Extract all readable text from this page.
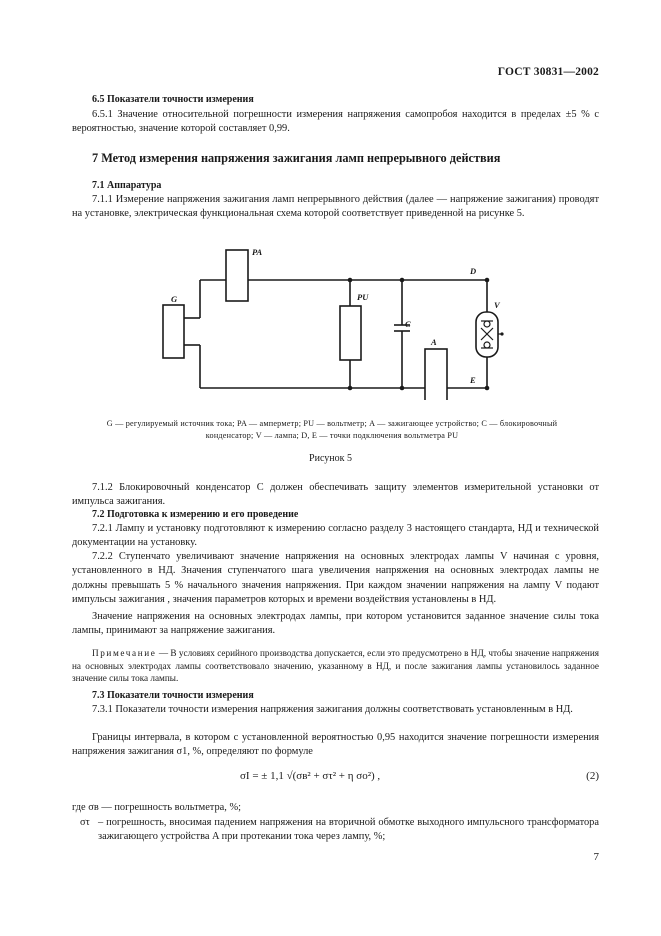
ГОСТ 30831—2002
6.5 Показатели точности измерения
6.5.1 Значение относительной погрешности измерения напряжения самопробоя находится в пределах ±5 % с вероятностью, значение которой составляет 0,99.
7 Метод измерения напряжения зажигания ламп непрерывного действия
7.1 Аппаратура
7.1.1 Измерение напряжения зажигания ламп непрерывного действия (далее — напряжение зажигания) проводят на установке, электрическая функциональная схема которой соответствует приведенной на рисунке 5.
G
PA
PU
C
A
D
E
V
G — регулируемый источник тока; PA — амперметр; PU — вольтметр; A — зажигающее устройство; C — блокировочный
конденсатор; V — лампа; D, E — точки подключения вольтметра PU
Рисунок 5
7.1.2 Блокировочный конденсатор C должен обеспечивать защиту элементов измерительной установки от импульса зажигания.
7.2 Подготовка к измерению и его проведение
7.2.1 Лампу и установку подготовляют к измерению согласно разделу 3 настоящего стандарта, НД и технической документации на установку.
7.2.2 Ступенчато увеличивают значение напряжения на основных электродах лампы V начиная с уровня, установленного в НД. Значения ступенчатого шага увеличения напряжения на основных электродах лампы не должны превышать 5 % начального значения напряжения. При каждом значении напряжения на лампу V подают импульсы зажигания , значения параметров которых и времени воздействия установлены в НД.
Значение напряжения на основных электродах лампы, при котором установится заданное значение силы тока лампы, принимают за напряжение зажигания.
Примечание — В условиях серийного производства допускается, если это предусмотрено в НД, чтобы значение напряжения на основных электродах лампы соответствовало значению, указанному в НД, и после зажигания лампы установилось заданное значение силы тока лампы.
7.3 Показатели точности измерения
7.3.1 Показатели точности измерения напряжения зажигания должны соответствовать установленным в НД.
Границы интервала, в котором с установленной вероятностью 0,95 находится значение погрешности измерения напряжения зажигания σ1, %, определяют по формуле
σI = ± 1,1 √(σв² + στ² + η σo²) ,	(2)
где σв — погрешность вольтметра, %;
στ – погрешность, вносимая падением напряжения на вторичной обмотке выходного импульсного трансформатора зажигающего устройства A при протекании тока через лампу, %;
7
